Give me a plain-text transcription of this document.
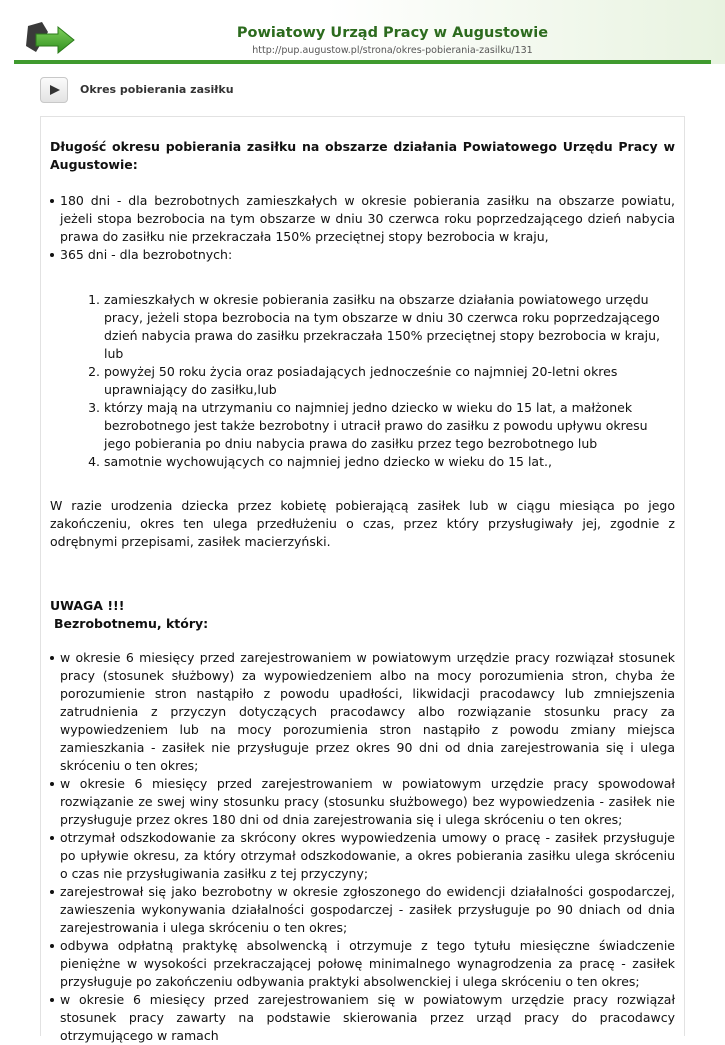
Powiatowy Urząd Pracy w Augustowie
http://pup.augustow.pl/strona/okres-pobierania-zasilku/131
Okres pobierania zasiłku

Długość okresu pobierania zasiłku na obszarze działania Powiatowego Urzędu Pracy w Augustowie:

180 dni - dla bezrobotnych zamieszkałych w okresie pobierania zasiłku na obszarze powiatu, jeżeli stopa bezrobocia na tym obszarze w dniu 30 czerwca roku poprzedzającego dzień nabycia prawa do zasiłku nie przekraczała 150% przeciętnej stopy bezrobocia w kraju,
365 dni - dla bezrobotnych:
1. zamieszkałych w okresie pobierania zasiłku na obszarze działania powiatowego urzędu pracy, jeżeli stopa bezrobocia na tym obszarze w dniu 30 czerwca roku poprzedzającego dzień nabycia prawa do zasiłku przekraczała 150% przeciętnej stopy bezrobocia w kraju, lub
2. powyżej 50 roku życia oraz posiadających jednocześnie co najmniej 20-letni okres uprawniający do zasiłku,lub
3. którzy mają na utrzymaniu co najmniej jedno dziecko w wieku do 15 lat, a małżonek bezrobotnego jest także bezrobotny i utracił prawo do zasiłku z powodu upływu okresu jego pobierania po dniu nabycia prawa do zasiłku przez tego bezrobotnego lub
4. samotnie wychowujących co najmniej jedno dziecko w wieku do 15 lat.,

W razie urodzenia dziecka przez kobietę pobierającą zasiłek lub w ciągu miesiąca po jego zakończeniu, okres ten ulega przedłużeniu o czas, przez który przysługiwały jej, zgodnie z odrębnymi przepisami, zasiłek macierzyński.

UWAGA !!!

Bezrobotnemu, który:

w okresie 6 miesięcy przed zarejestrowaniem w powiatowym urzędzie pracy rozwiązał stosunek pracy (stosunek służbowy) za wypowiedzeniem albo na mocy porozumienia stron, chyba że porozumienie stron nastąpiło z powodu upadłości, likwidacji pracodawcy lub zmniejszenia zatrudnienia z przyczyn dotyczących pracodawcy albo rozwiązanie stosunku pracy za wypowiedzeniem lub na mocy porozumienia stron nastąpiło z powodu zmiany miejsca zamieszkania - zasiłek nie przysługuje przez okres 90 dni od dnia zarejestrowania się i ulega skróceniu o ten okres;
w okresie 6 miesięcy przed zarejestrowaniem w powiatowym urzędzie pracy spowodował rozwiązanie ze swej winy stosunku pracy (stosunku służbowego) bez wypowiedzenia - zasiłek nie przysługuje przez okres 180 dni od dnia zarejestrowania się i ulega skróceniu o ten okres;
otrzymał odszkodowanie za skrócony okres wypowiedzenia umowy o pracę - zasiłek przysługuje po upływie okresu, za który otrzymał odszkodowanie, a okres pobierania zasiłku ulega skróceniu o czas nie przysługiwania zasiłku z tej przyczyny;
zarejestrował się jako bezrobotny w okresie zgłoszonego do ewidencji działalności gospodarczej, zawieszenia wykonywania działalności gospodarczej - zasiłek przysługuje po 90 dniach od dnia zarejestrowania i ulega skróceniu o ten okres;
odbywa odpłatną praktykę absolwencką i otrzymuje z tego tytułu miesięczne świadczenie pieniężne w wysokości przekraczającej połowę minimalnego wynagrodzenia za pracę - zasiłek przysługuje po zakończeniu odbywania praktyki absolwenckiej i ulega skróceniu o ten okres;
w okresie 6 miesięcy przed zarejestrowaniem się w powiatowym urzędzie pracy rozwiązał stosunek pracy zawarty na podstawie skierowania przez urząd pracy do pracodawcy otrzymującego w ramach
